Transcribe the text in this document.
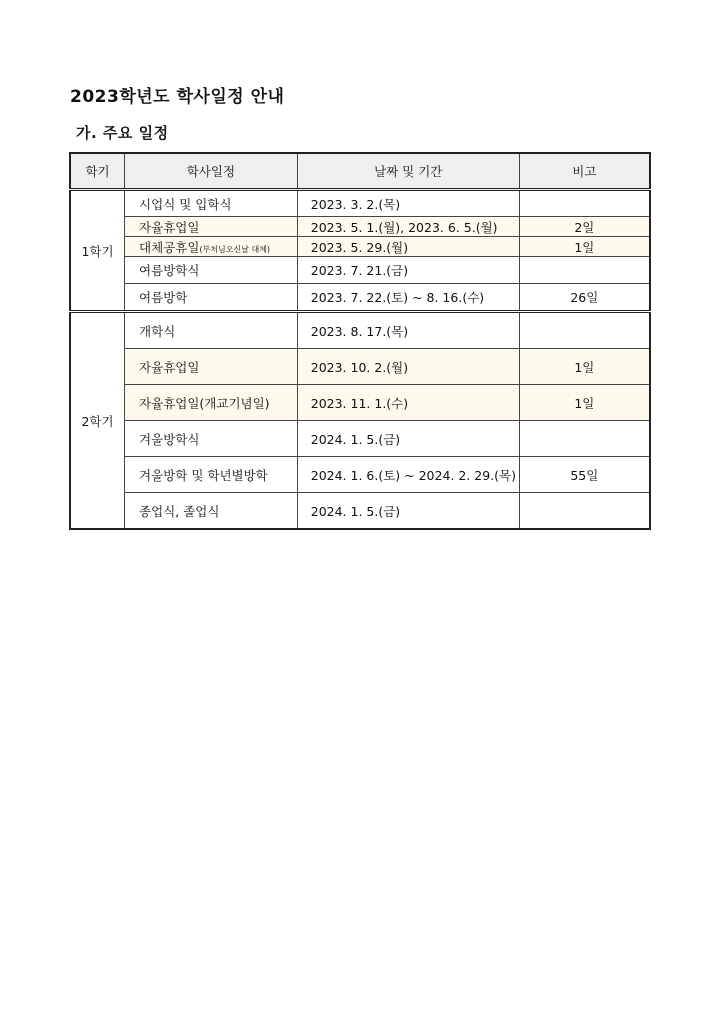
2023학년도 학사일정 안내
가. 주요 일정
학기	학사일정	날짜 및 기간	비고
1학기	시업식 및 입학식	2023. 3. 2.(목)	
	자율휴업일	2023. 5. 1.(월), 2023. 6. 5.(월)	2일
	대체공휴일(부처님오신날 대체)	2023. 5. 29.(월)	1일
	여름방학식	2023. 7. 21.(금)	
	여름방학	2023. 7. 22.(토) ~ 8. 16.(수)	26일
2학기	개학식	2023. 8. 17.(목)	
	자율휴업일	2023. 10. 2.(월)	1일
	자율휴업일(개교기념일)	2023. 11. 1.(수)	1일
	겨울방학식	2024. 1. 5.(금)	
	겨울방학 및 학년별방학	2024. 1. 6.(토) ~ 2024. 2. 29.(목)	55일
	종업식, 졸업식	2024. 1. 5.(금)	
